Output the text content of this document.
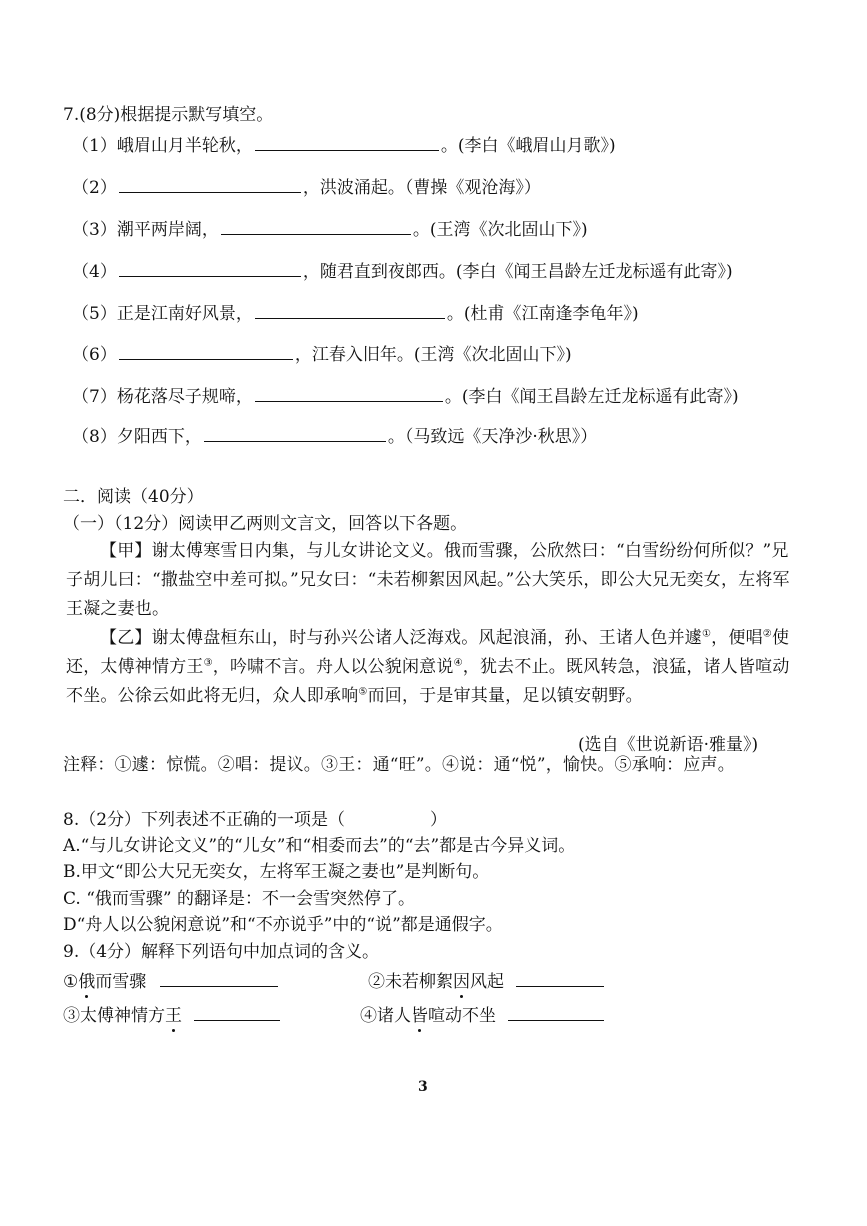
7.(8分)根据提示默写填空。
（1）峨眉山月半轮秋，	。(李白《峨眉山月歌》)
（2）	，洪波涌起。（曹操《观沧海》）
（3）潮平两岸阔，	。(王湾《次北固山下》)
（4）	，随君直到夜郎西。(李白《闻王昌龄左迁龙标遥有此寄》)
（5）正是江南好风景，	。(杜甫《江南逢李龟年》)
（6）	，江春入旧年。(王湾《次北固山下》)
（7）杨花落尽子规啼，	。(李白《闻王昌龄左迁龙标遥有此寄》)
（8）夕阳西下，	。（马致远《天净沙·秋思》）
二．阅读（40分）
（一）（12分）阅读甲乙两则文言文，回答以下各题。
【甲】谢太傅寒雪日内集，与儿女讲论文义。俄而雪骤，公欣然曰：“白雪纷纷何所似？”兄子胡儿曰：“撒盐空中差可拟。”兄女曰：“未若柳絮因风起。”公大笑乐，即公大兄无奕女，左将军王凝之妻也。
【乙】谢太傅盘桓东山，时与孙兴公诸人泛海戏。风起浪涌，孙、王诸人色并遽①，便唱②使还，太傅神情方王③，吟啸不言。舟人以公貌闲意说④，犹去不止。既风转急，浪猛，诸人皆喧动不坐。公徐云如此将无归，众人即承响⑤而回，于是审其量，足以镇安朝野。
(选自《世说新语·雅量》)
注释：①遽：惊慌。②唱：提议。③王：通“旺”。④说：通“悦”，愉快。⑤承响：应声。
8.（2分）下列表述不正确的一项是（　　　　　）
A.“与儿女讲论文义”的“儿女”和“相委而去”的“去”都是古今异义词。
B.甲文“即公大兄无奕女，左将军王凝之妻也”是判断句。
C. “俄而雪骤” 的翻译是：不一会雪突然停了。
D“舟人以公貌闲意说”和“不亦说乎”中的“说”都是通假字。
9.（4分）解释下列语句中加点词的含义。
①俄而雪骤	②未若柳絮因风起
③太傅神情方王	④诸人皆喧动不坐
3
